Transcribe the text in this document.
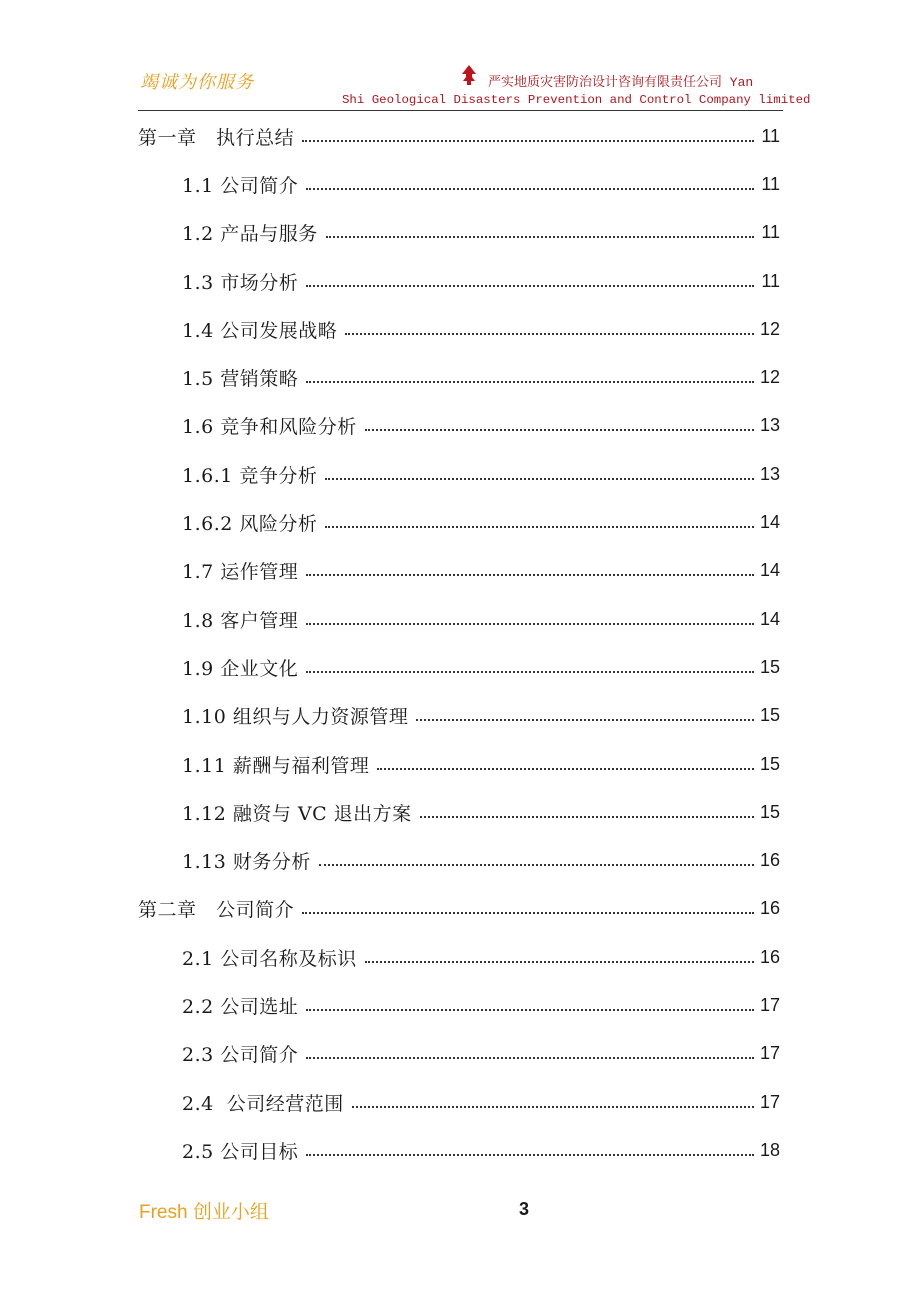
竭诚为你服务	严实地质灾害防治设计咨询有限责任公司 Yan
Shi Geological Disasters Prevention and Control Company limited
第一章   执行总结	11
1.1 公司简介	11
1.2 产品与服务	11
1.3 市场分析	11
1.4 公司发展战略	12
1.5 营销策略	12
1.6 竞争和风险分析	13
1.6.1 竞争分析	13
1.6.2 风险分析	14
1.7 运作管理	14
1.8 客户管理	14
1.9 企业文化	15
1.10 组织与人力资源管理	15
1.11 薪酬与福利管理	15
1.12 融资与 VC 退出方案	15
1.13 财务分析	16
第二章   公司简介	16
2.1 公司名称及标识	16
2.2 公司选址	17
2.3 公司简介	17
2.4  公司经营范围	17
2.5 公司目标	18
Fresh 创业小组	3
